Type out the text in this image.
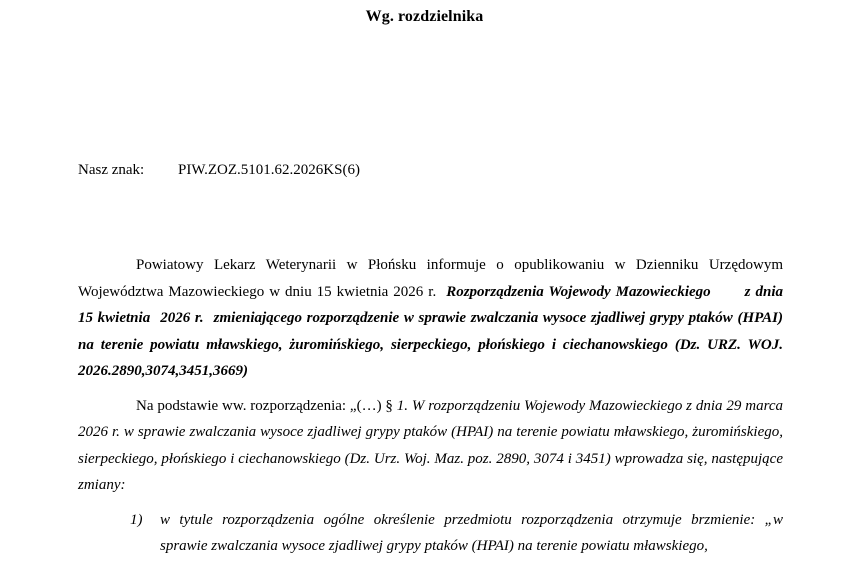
Wg. rozdzielnika
Nasz znak: PIW.ZOZ.5101.62.2026KS(6)

Powiatowy Lekarz Weterynarii w Płońsku informuje o opublikowaniu w Dzienniku Urzędowym Województwa Mazowieckiego w dniu 15 kwietnia 2026 r. Rozporządzenia Wojewody Mazowieckiego z dnia 15 kwietnia 2026 r. zmieniającego rozporządzenie w sprawie zwalczania wysoce zjadliwej grypy ptaków (HPAI) na terenie powiatu mławskiego, żuromińskiego, sierpeckiego, płońskiego i ciechanowskiego (Dz. URZ. WOJ. 2026.2890,3074,3451,3669)

Na podstawie ww. rozporządzenia: „(…) § 1. W rozporządzeniu Wojewody Mazowieckiego z dnia 29 marca 2026 r. w sprawie zwalczania wysoce zjadliwej grypy ptaków (HPAI) na terenie powiatu mławskiego, żuromińskiego, sierpeckiego, płońskiego i ciechanowskiego (Dz. Urz. Woj. Maz. poz. 2890, 3074 i 3451) wprowadza się, następujące zmiany:

1) w tytule rozporządzenia ogólne określenie przedmiotu rozporządzenia otrzymuje brzmienie: „w sprawie zwalczania wysoce zjadliwej grypy ptaków (HPAI) na terenie powiatu mławskiego,
